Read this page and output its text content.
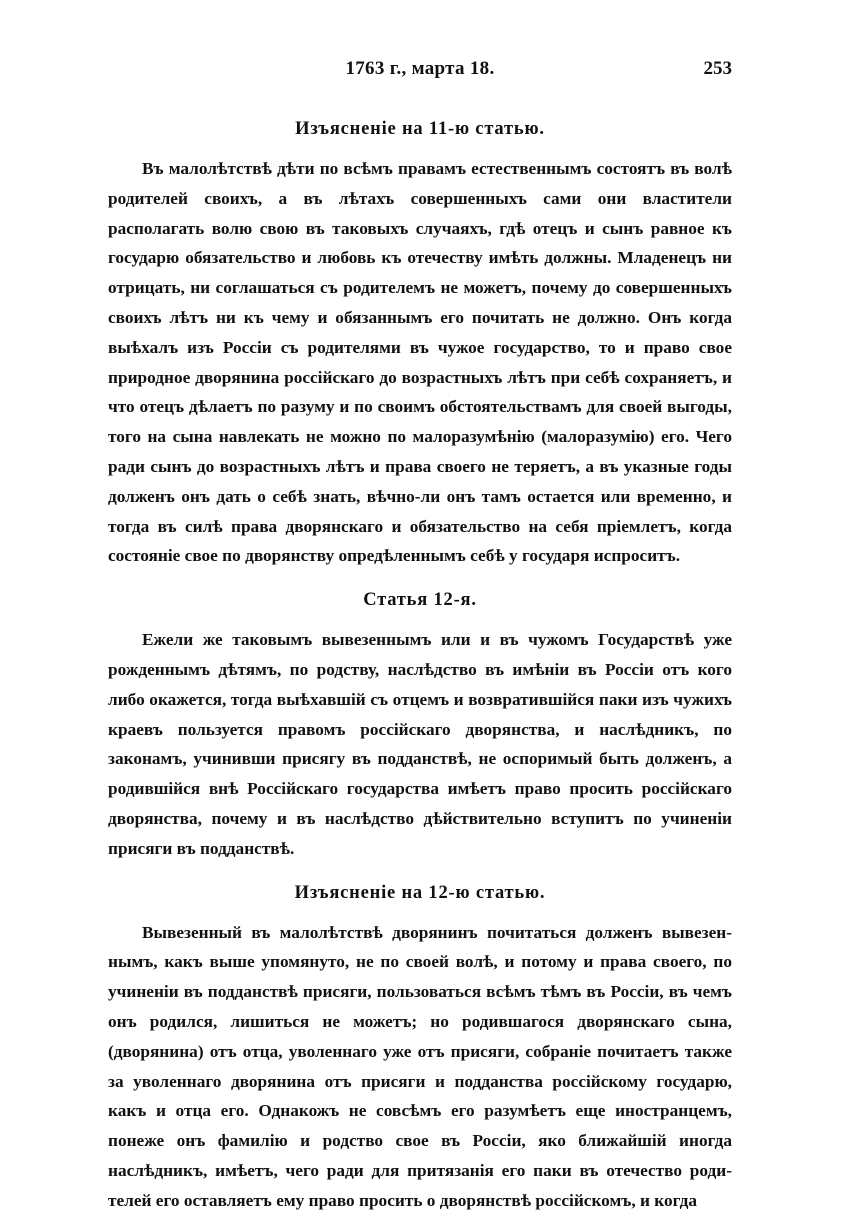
1763 г., марта 18.	253
Изъясненіе на 11-ю статью.

Въ малолѣтствѣ дѣти по всѣмъ правамъ естественнымъ состоятъ въ волѣ родителей своихъ, а въ лѣтахъ совершенныхъ сами они властители располагать волю свою въ таковыхъ случаяхъ, гдѣ отецъ и сынъ равное къ государю обязательство и любовь къ отечеству имѣть должны. Младенецъ ни отрицать, ни соглашаться съ родителемъ не можетъ, почему до совершенныхъ своихъ лѣтъ ни къ чему и обязаннымъ его почитать не должно. Онъ когда выѣхалъ изъ Россіи съ родителями въ чужое государство, то и право свое природное дворянина россійскаго до возрастныхъ лѣтъ при себѣ сохраняетъ, и что отецъ дѣлаетъ по разуму и по своимъ обстоятельствамъ для своей выгоды, того на сына навлекать не можно по малоразумѣнію (малоразумію) его. Чего ради сынъ до возрастныхъ лѣтъ и права своего не теряетъ, а въ указные годы долженъ онъ дать о себѣ знать, вѣчно-ли онъ тамъ остается или временно, и тогда въ силѣ права дворянскаго и обязательство на себя пріемлетъ, когда состояніе свое по дворянству опредѣленнымъ себѣ у государя испроситъ.

Статья 12-я.

Ежели же таковымъ вывезеннымъ или и въ чужомъ Государствѣ уже рожденнымъ дѣтямъ, по родству, наслѣдство въ имѣніи въ Россіи отъ кого либо окажется, тогда выѣхавшій съ отцемъ и возвратившійся паки изъ чужихъ краевъ пользуется правомъ россійскаго дворянства, и наслѣдникъ, по законамъ, учинивши присягу въ подданствѣ, не оспоримый быть долженъ, а родившійся внѣ Россійскаго государства имѣетъ право просить россійскаго дворянства, почему и въ наслѣдство дѣйствительно вступитъ по учиненіи присяги въ подданствѣ.

Изъясненіе на 12-ю статью.

Вывезенный въ малолѣтствѣ дворянинъ почитаться долженъ вывезеннымъ, какъ выше упомянуто, не по своей волѣ, и потому и права своего, по учиненіи въ подданствѣ присяги, пользоваться всѣмъ тѣмъ въ Россіи, въ чемъ онъ родился, лишиться не можетъ; но родившагося дворянскаго сына, (дворянина) отъ отца, уволеннаго уже отъ присяги, собраніе почитаетъ также за уволеннаго дворянина отъ присяги и подданства россійскому государю, какъ и отца его. Однакожъ не совсѣмъ его разумѣетъ еще иностранцемъ, понеже онъ фамилію и родство свое въ Россіи, яко ближайшій иногда наслѣдникъ, имѣетъ, чего ради для притязанія его паки въ отечество родителей его оставляетъ ему право просить о дворянствѣ россійскомъ, и когда
